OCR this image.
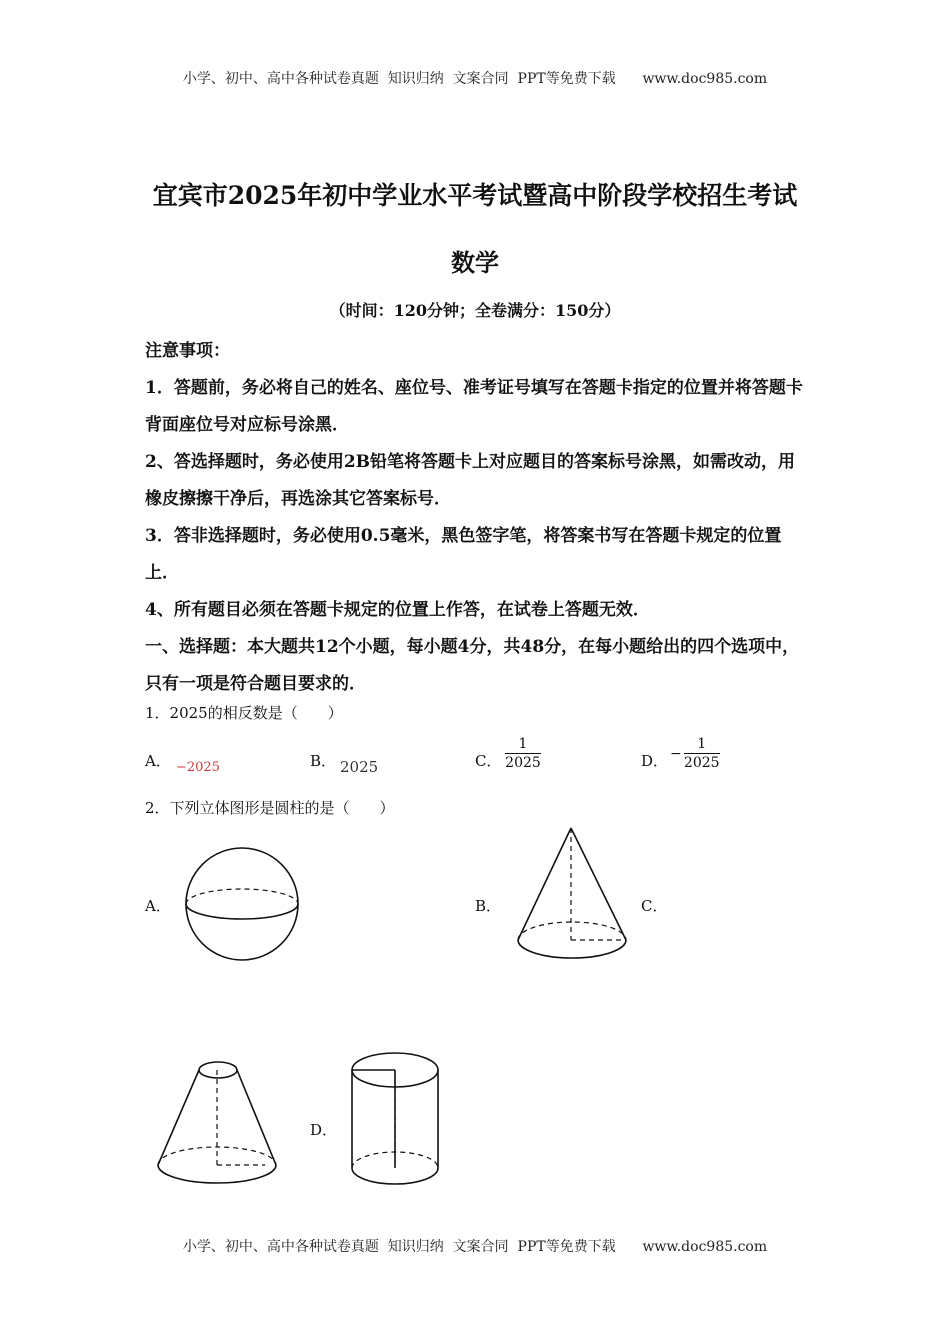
小学、初中、高中各种试卷真题  知识归纳  文案合同  PPT等免费下载      www.doc985.com
宜宾市2025年初中学业水平考试暨高中阶段学校招生考试
数学
（时间：120分钟；全卷满分：150分）
注意事项：
1．答题前，务必将自己的姓名、座位号、准考证号填写在答题卡指定的位置并将答题卡背面座位号对应标号涂黑．
2、答选择题时，务必使用2B铅笔将答题卡上对应题目的答案标号涂黑，如需改动，用橡皮擦擦干净后，再选涂其它答案标号．
3．答非选择题时，务必使用0.5毫米，黑色签字笔，将答案书写在答题卡规定的位置上．
4、所有题目必须在答题卡规定的位置上作答，在试卷上答题无效．
一、选择题：本大题共12个小题，每小题4分，共48分，在每小题给出的四个选项中，只有一项是符合题目要求的．
1．2025的相反数是（　　）
A． −2025	B． 2025	C． $\frac{1}{2025}$	D． − $\frac{1}{2025}$
2．下列立体图形是圆柱的是（　　）
A．	B．	C．
D．
小学、初中、高中各种试卷真题  知识归纳  文案合同  PPT等免费下载      www.doc985.com
